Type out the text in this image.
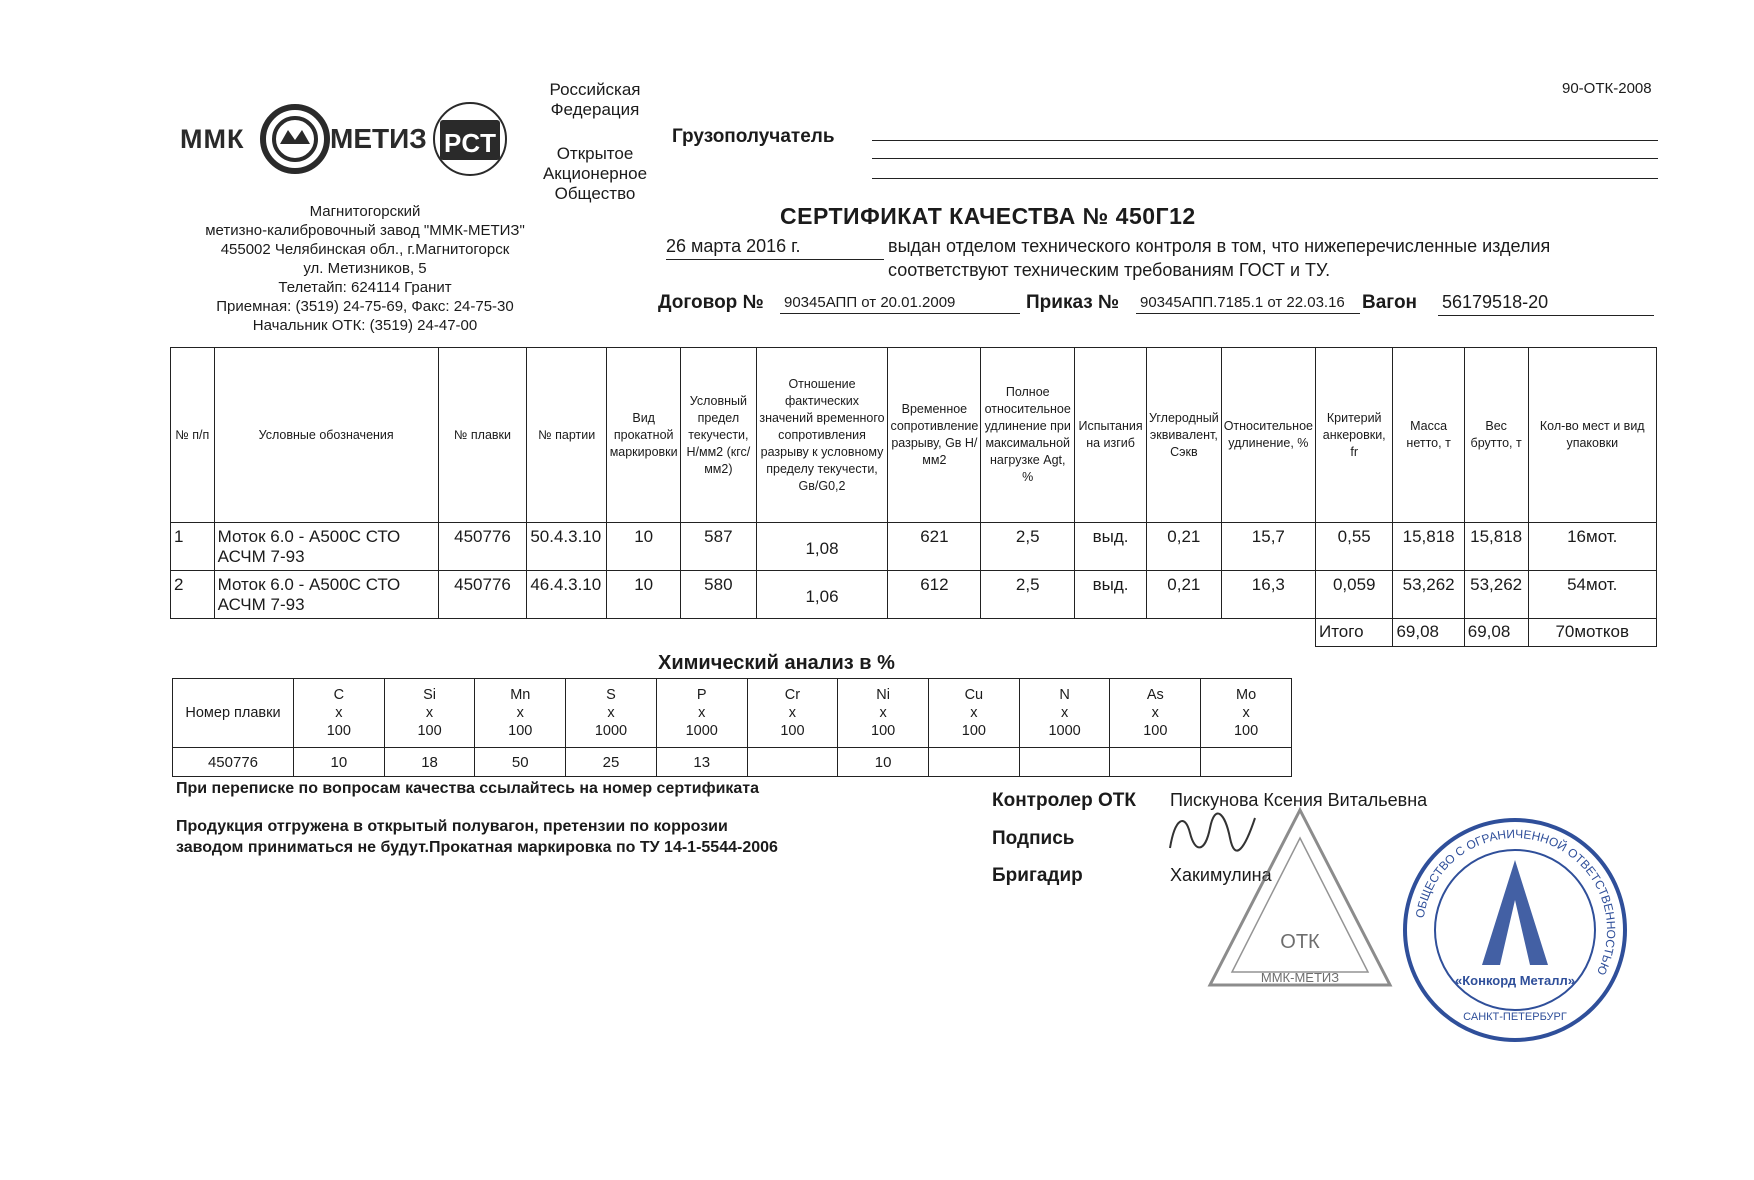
90-ОТК-2008
ММК	МЕТИЗ PCT
Российская
Федерация
Открытое
Акционерное
Общество
Магнитогорский
метизно-калибровочный завод "ММК-МЕТИЗ"
455002 Челябинская обл., г.Магнитогорск
ул. Метизников, 5
Телетайп: 624114 Гранит
Приемная: (3519) 24-75-69, Факс: 24-75-30
Начальник ОТК: (3519) 24-47-00
Грузополучатель
СЕРТИФИКАТ КАЧЕСТВА № 450Г12
26 марта 2016 г.	выдан отделом технического контроля в том, что нижеперечисленные изделия соответствуют техническим требованиям ГОСТ и ТУ.
Договор № 90345АПП от 20.01.2009	Приказ № 90345АПП.7185.1 от 22.03.16 Вагон 56179518-20
№ п/п	Условные обозначения	№ плавки	№ партии	Вид прокатной маркировки	Условный предел текучести, Н/мм2 (кгс/мм2)	Отношение фактических значений временного сопротивления разрыву к условному пределу текучести, Gв/G0,2	Временное сопротивление разрыву, Gв Н/мм2	Полное относительное удлинение при максимальной нагрузке Agt, %	Испытания на изгиб	Углеродный эквивалент, Сэкв	Относительное удлинение, %	Критерий анкеровки, fr	Масса нетто, т	Вес брутто, т	Кол-во мест и вид упаковки
1	Моток 6.0 - А500С СТО АСЧМ 7-93	450776	50.4.3.10	10	587	1,08	621	2,5	выд.	0,21	15,7	0,55	15,818	15,818	16мот.
2	Моток 6.0 - А500С СТО АСЧМ 7-93	450776	46.4.3.10	10	580	1,06	612	2,5	выд.	0,21	16,3	0,059	53,262	53,262	54мот.
	Итого	69,08	69,08	70мотков
Химический анализ в %
Номер плавки	
C
x
100

Si
x
100

Mn
x
100

S
x
1000

P
x
1000

Cr
x
100

Ni
x
100

Cu
x
100

N
x
1000

As
x
100

Mo
x
100

450776	10	18	50	25	13		10				
При переписке по вопросам качества ссылайтесь на номер сертификата
Продукция отгружена в открытый полувагон, претензии по коррозии
заводом приниматься не будут.Прокатная маркировка по ТУ 14-1-5544-2006
Контролер ОТК Пискунова Ксения Витальевна
Подпись
Бригадир	Хакимулина
ОТК
ММК-МЕТИЗ
ОБЩЕСТВО С ОГРАНИЧЕННОЙ ОТВЕТСТВЕННОСТЬЮ
«Конкорд Металл»
САНКТ-ПЕТЕРБУРГ
